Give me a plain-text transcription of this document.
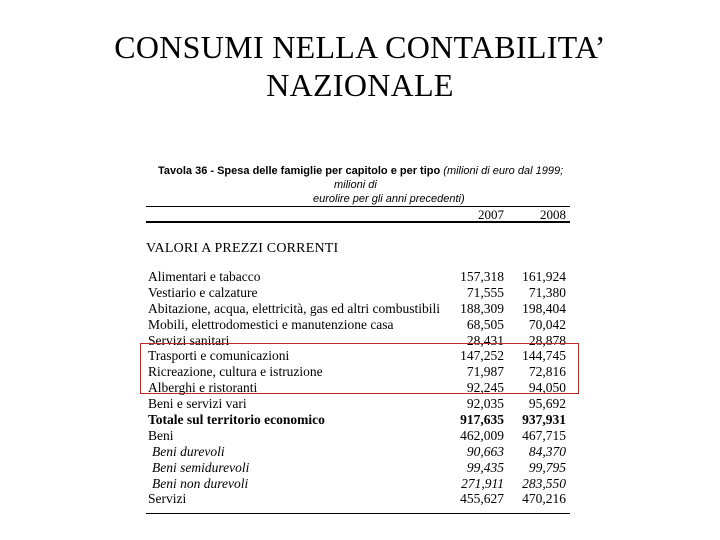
CONSUMI NELLA CONTABILITA’
NAZIONALE
Tavola 36 - Spesa delle famiglie per capitolo e per tipo (milioni di euro dal 1999;
milioni di
eurolire per gli anni precedenti)
2007	2008
VALORI A PREZZI CORRENTI
Alimentari e tabacco	157,318 161,924
Vestiario e calzature	71,555 71,380
Abitazione, acqua, elettricità, gas ed altri combustibili 188,309 198,404
Mobili, elettrodomestici e manutenzione casa	68,505 70,042
Servizi sanitari	28,431 28,878
Trasporti e comunicazioni	147,252 144,745
Ricreazione, cultura e istruzione	71,987 72,816
Alberghi e ristoranti	92,245 94,050
Beni e servizi vari	92,035 95,692
Totale sul territorio economico	917,635 937,931
Beni	462,009 467,715
Beni durevoli	90,663 84,370
Beni semidurevoli	99,435 99,795
Beni non durevoli	271,911 283,550
Servizi	455,627 470,216
